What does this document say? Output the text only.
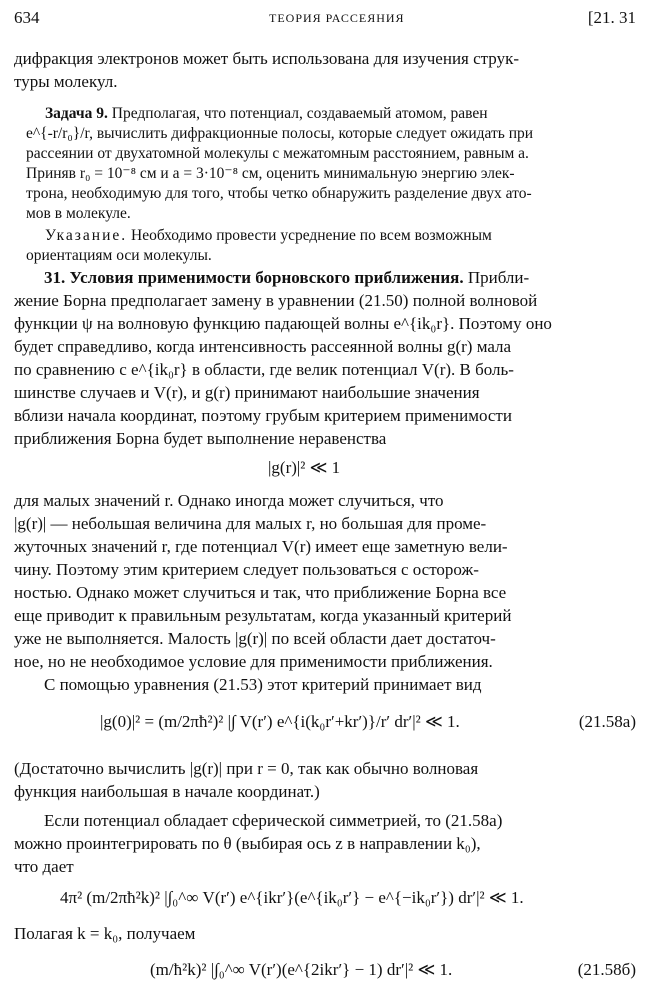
634	ТЕОРИЯ РАССЕЯНИЯ	[21. 31
дифракция электронов может быть использована для изучения струк-
туры молекул.
Задача 9. Предполагая, что потенциал, создаваемый атомом, равен
e^{-r/r₀}/r, вычислить дифракционные полосы, которые следует ожидать при
рассеянии от двухатомной молекулы с межатомным расстоянием, равным a.
Приняв r₀ = 10⁻⁸ см и a = 3·10⁻⁸ см, оценить минимальную энергию элек-
трона, необходимую для того, чтобы четко обнаружить разделение двух ато-
мов в молекуле.
Указание. Необходимо провести усреднение по всем возможным
ориентациям оси молекулы.
31. Условия применимости борновского приближения. Прибли-
жение Борна предполагает замену в уравнении (21.50) полной волновой
функции ψ на волновую функцию падающей волны e^{ik₀r}. Поэтому оно
будет справедливо, когда интенсивность рассеянной волны g(r) мала
по сравнению с e^{ik₀r} в области, где велик потенциал V(r). В боль-
шинстве случаев и V(r), и g(r) принимают наибольшие значения
вблизи начала координат, поэтому грубым критерием применимости
приближения Борна будет выполнение неравенства
|g(r)|² ≪ 1
для малых значений r. Однако иногда может случиться, что
|g(r)| — небольшая величина для малых r, но большая для проме-
жуточных значений r, где потенциал V(r) имеет еще заметную вели-
чину. Поэтому этим критерием следует пользоваться с осторож-
ностью. Однако может случиться и так, что приближение Борна все
еще приводит к правильным результатам, когда указанный критерий
уже не выполняется. Малость |g(r)| по всей области дает достаточ-
ное, но не необходимое условие для применимости приближения.
С помощью уравнения (21.53) этот критерий принимает вид
|g(0)|² = (m/2πħ²)² |∫ V(r′) e^{i(k₀r′+kr′)}/r′ dr′|² ≪ 1.	(21.58a)
(Достаточно вычислить |g(r)| при r = 0, так как обычно волновая
функция наибольшая в начале координат.)
Если потенциал обладает сферической симметрией, то (21.58a)
можно проинтегрировать по θ (выбирая ось z в направлении k₀),
что дает
4π² (m/2πħ²k)² |∫₀^∞ V(r′) e^{ikr′}(e^{ik₀r′} − e^{−ik₀r′}) dr′|² ≪ 1.
Полагая k = k₀, получаем
(m/ħ²k)² |∫₀^∞ V(r′)(e^{2ikr′} − 1) dr′|² ≪ 1.	(21.58б)
